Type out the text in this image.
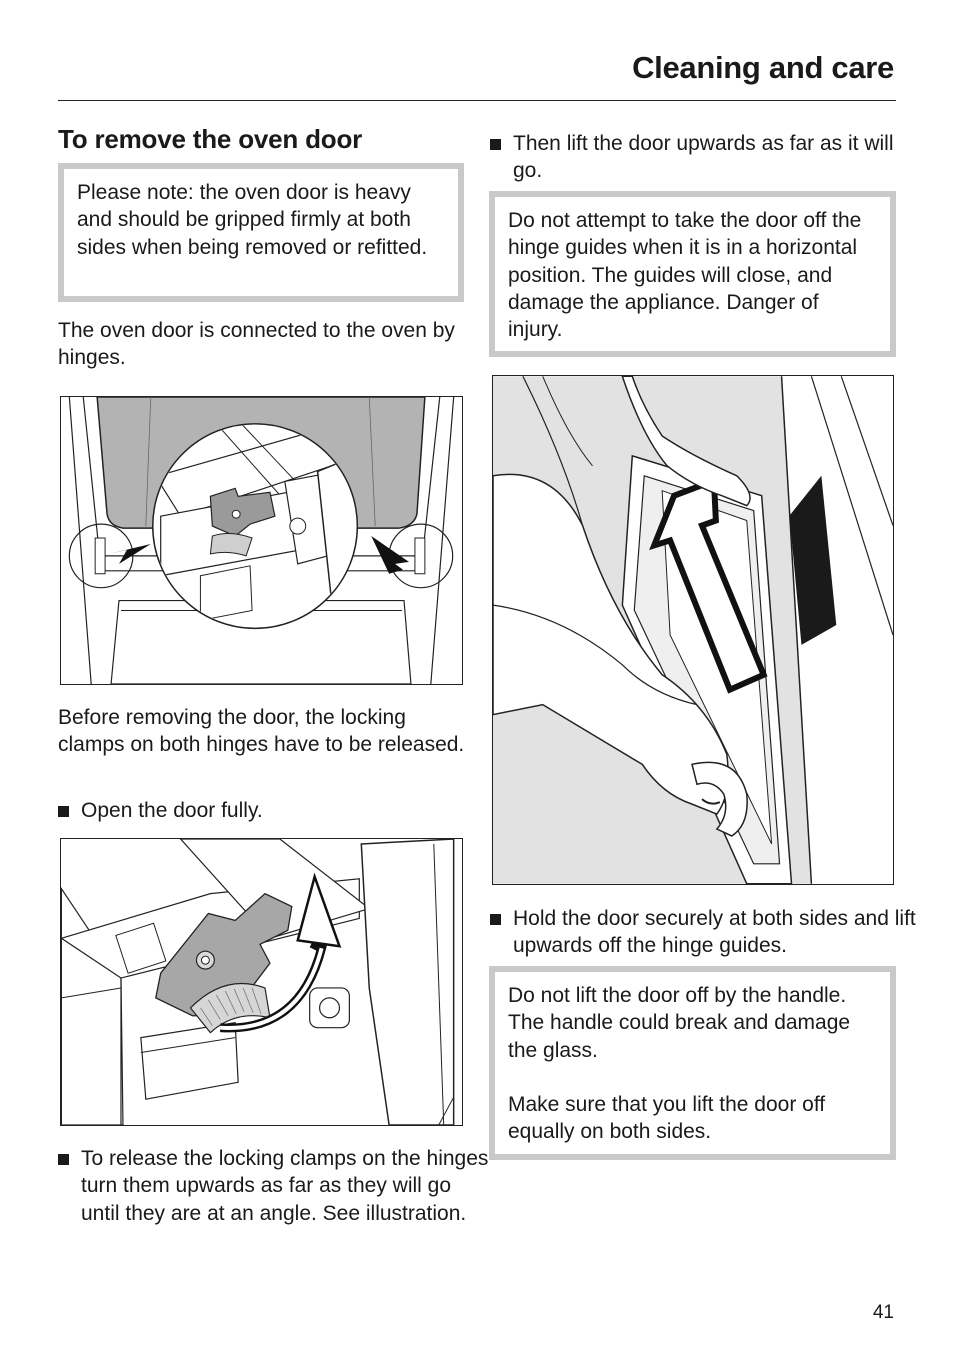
Cleaning and care
To remove the oven door

Please note: the oven door is heavy and should be gripped firmly at both sides when being removed or refitted.

The oven door is connected to the oven by hinges.

Before removing the door, the locking clamps on both hinges have to be released.

Open the door fully.
To release the locking clamps on the hinges turn them upwards as far as they will go until they are at an angle. See illustration.
Then lift the door upwards as far as it will go.

Do not attempt to take the door off the hinge guides when it is in a horizontal position. The guides will close, and damage the appliance. Danger of injury.

Hold the door securely at both sides and lift upwards off the hinge guides.

Do not lift the door off by the handle. The handle could break and damage the glass.

Make sure that you lift the door off equally on both sides.

41
